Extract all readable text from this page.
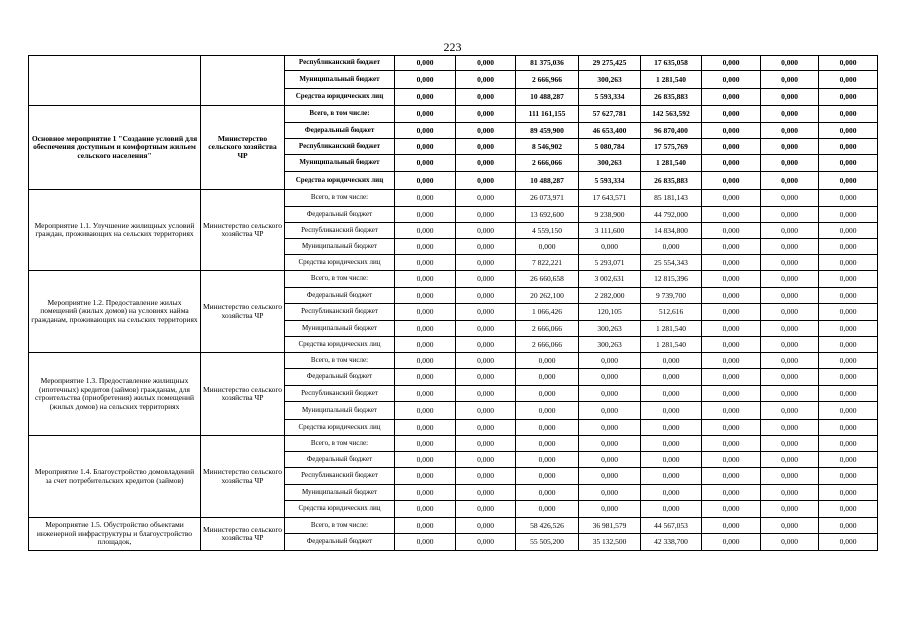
223
		Республиканский бюджет	0,000	0,000	81 375,036	29 275,425	17 635,058	0,000	0,000	0,000
		Муниципальный бюджет	0,000	0,000	2 666,966	300,263	1 281,540	0,000	0,000	0,000
		Средства юридических лиц	0,000	0,000	10 488,287	5 593,334	26 835,883	0,000	0,000	0,000
Основное мероприятие 1 "Создание условий для обеспечения доступным и комфортным жильем сельского населения"	Министерство сельского хозяйства ЧР	Всего, в том числе:	0,000	0,000	111 161,155	57 627,781	142 563,592	0,000	0,000	0,000
		Федеральный бюджет	0,000	0,000	89 459,900	46 653,400	96 870,400	0,000	0,000	0,000
		Республиканский бюджет	0,000	0,000	8 546,902	5 080,784	17 575,769	0,000	0,000	0,000
		Муниципальный бюджет	0,000	0,000	2 666,066	300,263	1 281,540	0,000	0,000	0,000
		Средства юридических лиц	0,000	0,000	10 488,287	5 593,334	26 835,883	0,000	0,000	0,000
Мероприятие 1.1. Улучшение жилищных условий граждан, проживающих на сельских территориях	Министерство сельского хозяйства ЧР	Всего, в том числе:	0,000	0,000	26 073,971	17 643,571	85 181,143	0,000	0,000	0,000
		Федеральный бюджет	0,000	0,000	13 692,600	9 238,900	44 792,000	0,000	0,000	0,000
		Республиканский бюджет	0,000	0,000	4 559,150	3 111,600	14 834,800	0,000	0,000	0,000
		Муниципальный бюджет	0,000	0,000	0,000	0,000	0,000	0,000	0,000	0,000
		Средства юридических лиц	0,000	0,000	7 822,221	5 293,071	25 554,343	0,000	0,000	0,000
Мероприятие 1.2. Предоставление жилых помещений (жилых домов) на условиях найма гражданам, проживающих на сельских территориях	Министерство сельского хозяйства ЧР	Всего, в том числе:	0,000	0,000	26 660,658	3 002,631	12 815,396	0,000	0,000	0,000
		Федеральный бюджет	0,000	0,000	20 262,100	2 282,000	9 739,700	0,000	0,000	0,000
		Республиканский бюджет	0,000	0,000	1 066,426	120,105	512,616	0,000	0,000	0,000
		Муниципальный бюджет	0,000	0,000	2 666,066	300,263	1 281,540	0,000	0,000	0,000
		Средства юридических лиц	0,000	0,000	2 666,066	300,263	1 281,540	0,000	0,000	0,000
Мероприятие 1.3. Предоставление жилищных (ипотечных) кредитов (займов) гражданам, для строительства (приобретения) жилых помещений (жилых домов) на сельских территориях	Министерство сельского хозяйства ЧР	Всего, в том числе:	0,000	0,000	0,000	0,000	0,000	0,000	0,000	0,000
		Федеральный бюджет	0,000	0,000	0,000	0,000	0,000	0,000	0,000	0,000
		Республиканский бюджет	0,000	0,000	0,000	0,000	0,000	0,000	0,000	0,000
		Муниципальный бюджет	0,000	0,000	0,000	0,000	0,000	0,000	0,000	0,000
		Средства юридических лиц	0,000	0,000	0,000	0,000	0,000	0,000	0,000	0,000
Мероприятие 1.4. Благоустройство домовладений за счет потребительских кредитов (займов)	Министерство сельского хозяйства ЧР	Всего, в том числе:	0,000	0,000	0,000	0,000	0,000	0,000	0,000	0,000
		Федеральный бюджет	0,000	0,000	0,000	0,000	0,000	0,000	0,000	0,000
		Республиканский бюджет	0,000	0,000	0,000	0,000	0,000	0,000	0,000	0,000
		Муниципальный бюджет	0,000	0,000	0,000	0,000	0,000	0,000	0,000	0,000
		Средства юридических лиц	0,000	0,000	0,000	0,000	0,000	0,000	0,000	0,000
Мероприятие 1.5. Обустройство объектами инженерной инфраструктуры и благоустройство площадок,	Министерство сельского хозяйства ЧР	Всего, в том числе:	0,000	0,000	58 426,526	36 981,579	44 567,053	0,000	0,000	0,000
		Федеральный бюджет	0,000	0,000	55 505,200	35 132,500	42 338,700	0,000	0,000	0,000
